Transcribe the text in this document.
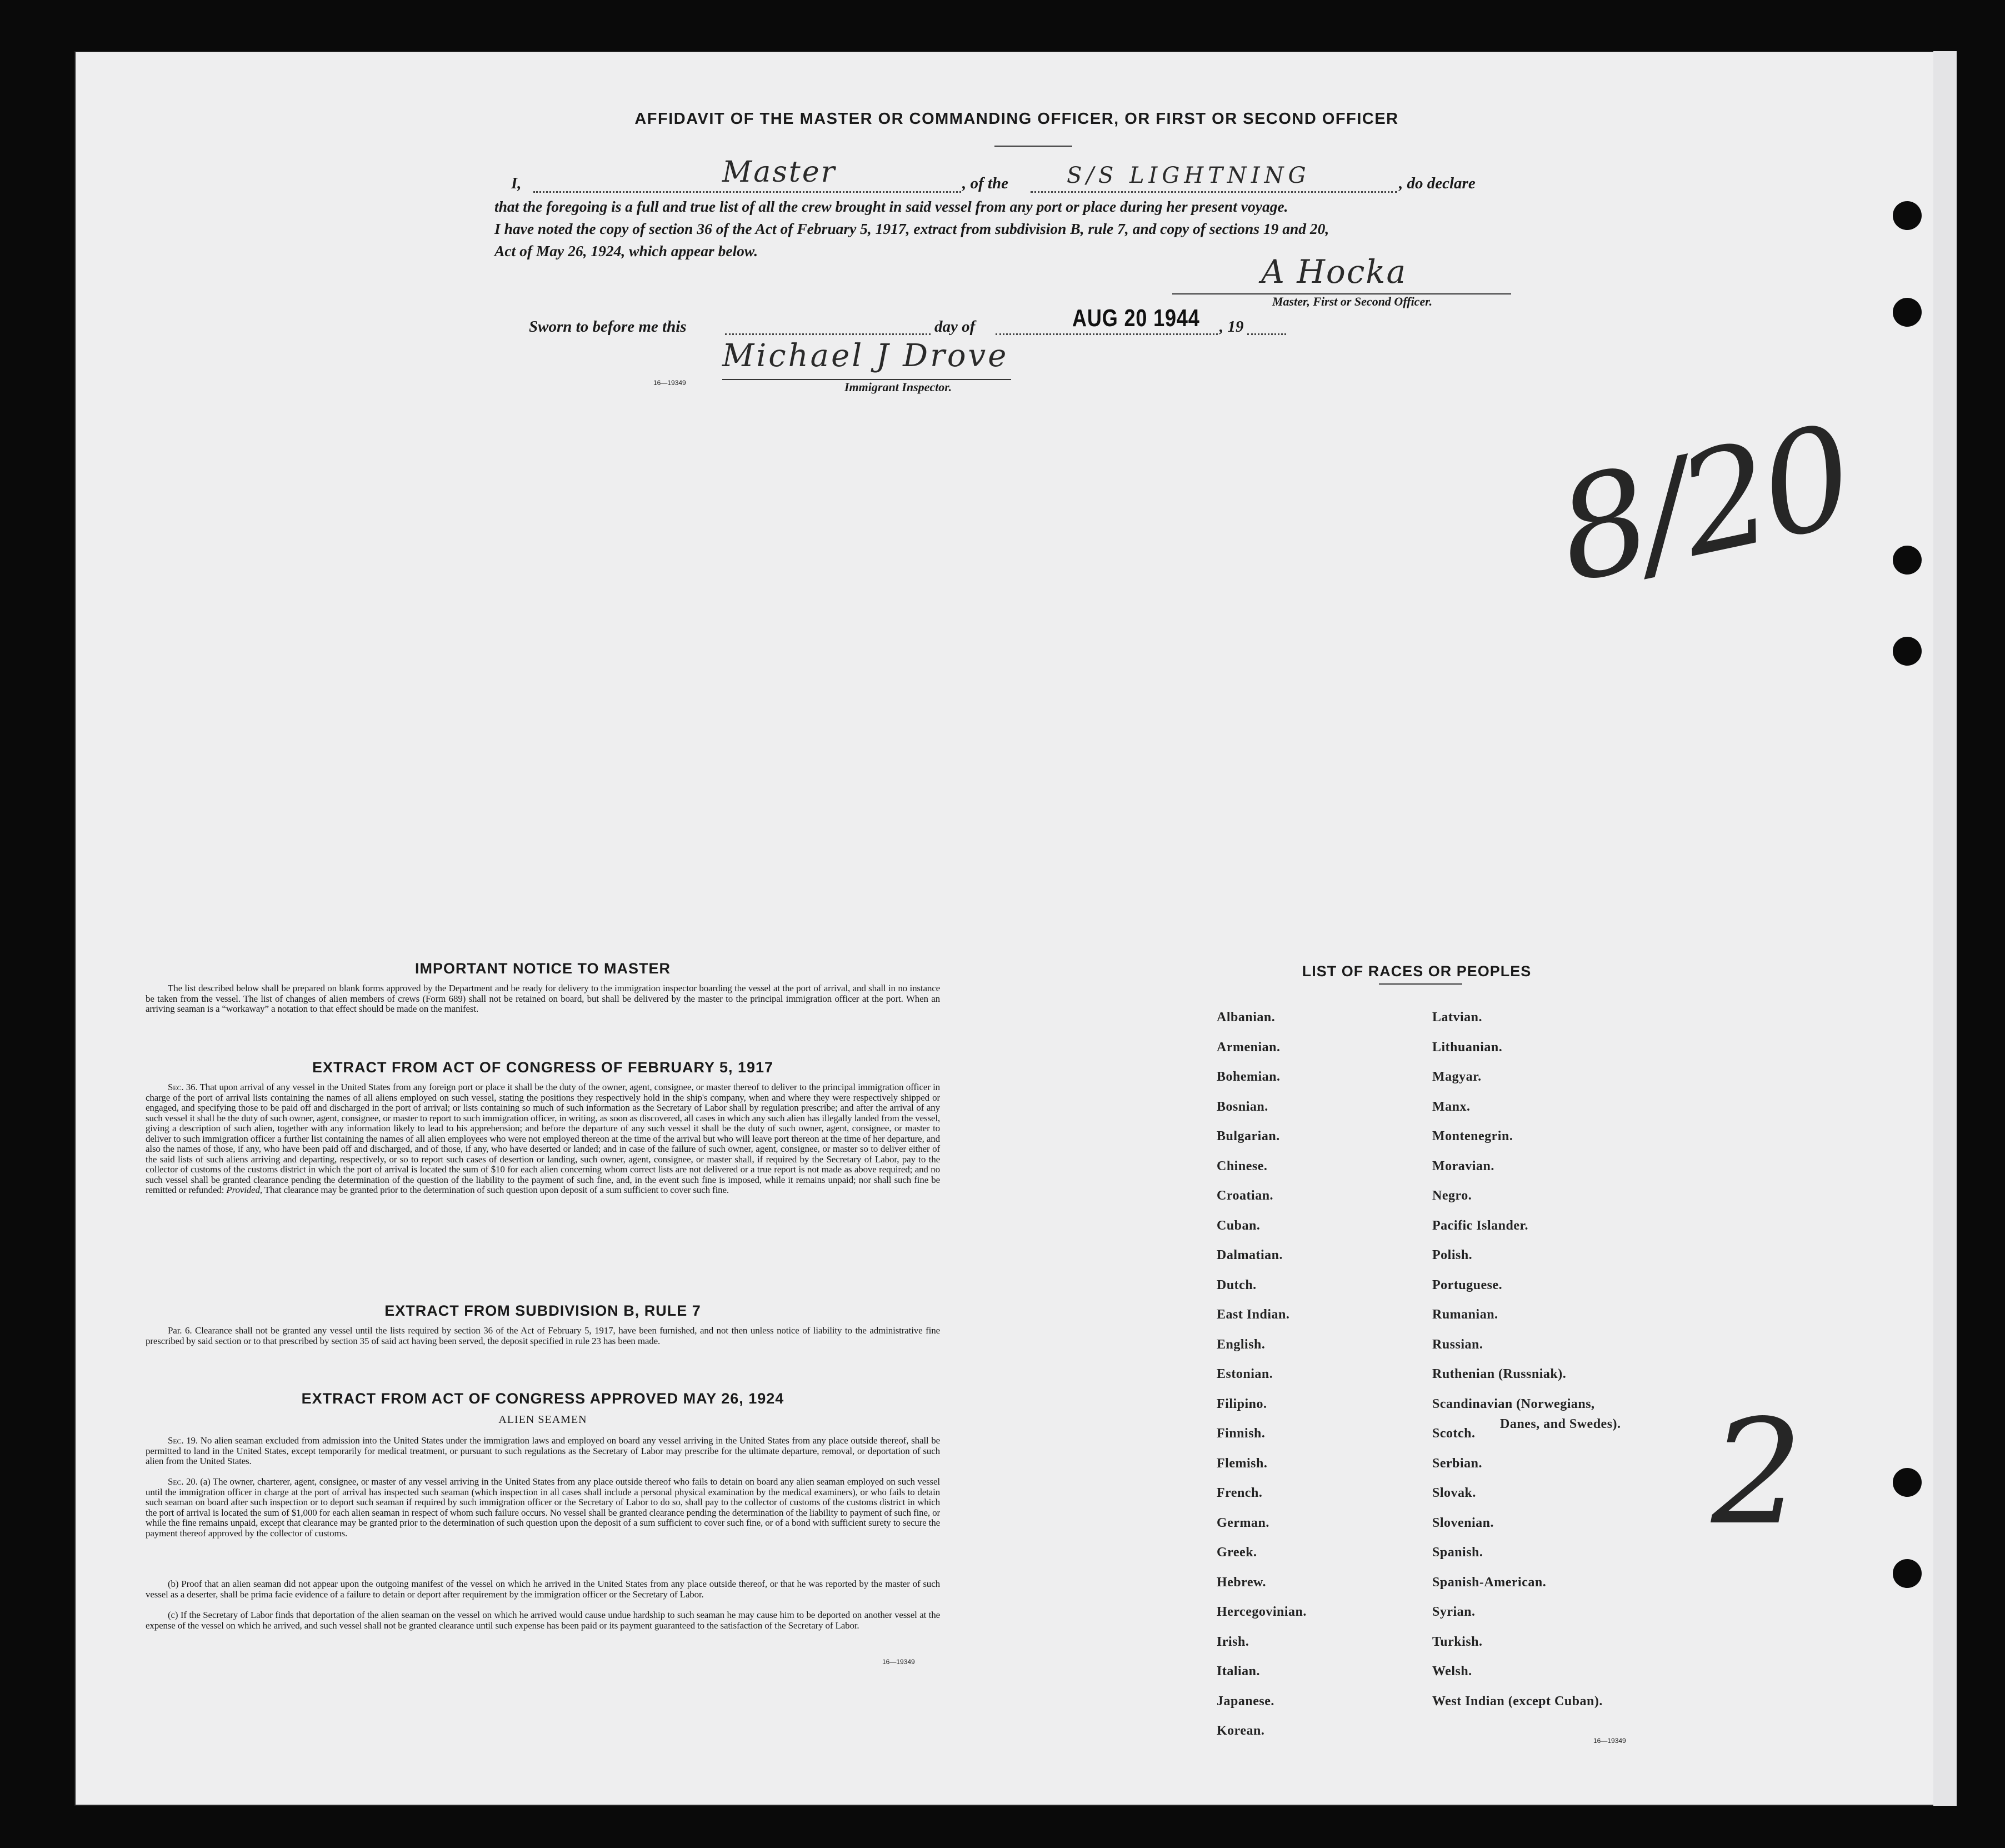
AFFIDAVIT OF THE MASTER OR COMMANDING OFFICER, OR FIRST OR SECOND OFFICER
I,	Master	, of the	S/S LIGHTNING	, do declare
that the foregoing is a full and true list of all the crew brought in said vessel from any port or place during her present voyage.
I have noted the copy of section 36 of the Act of February 5, 1917, extract from subdivision B, rule 7, and copy of sections 19 and 20,
Act of May 26, 1924, which appear below.
A Hocka
Master, First or Second Officer.
Sworn to before me this	day of	AUG 20 1944 , 19
Michael J Drove
Immigrant Inspector.
16—19349
8/20
2
IMPORTANT NOTICE TO MASTER
The list described below shall be prepared on blank forms approved by the Department and be ready for delivery to the immigration inspector boarding the vessel at the port of arrival, and shall in no instance be taken from the vessel. The list of changes of alien members of crews (Form 689) shall not be retained on board, but shall be delivered by the master to the principal immigration officer at the port. When an arriving seaman is a “workaway” a notation to that effect should be made on the manifest.
EXTRACT FROM ACT OF CONGRESS OF FEBRUARY 5, 1917
Sec. 36. That upon arrival of any vessel in the United States from any foreign port or place it shall be the duty of the owner, agent, consignee, or master thereof to deliver to the principal immigration officer in charge of the port of arrival lists containing the names of all aliens employed on such vessel, stating the positions they respectively hold in the ship's company, when and where they were respectively shipped or engaged, and specifying those to be paid off and discharged in the port of arrival; or lists containing so much of such information as the Secretary of Labor shall by regulation prescribe; and after the arrival of any such vessel it shall be the duty of such owner, agent, consignee, or master to report to such immigration officer, in writing, as soon as discovered, all cases in which any such alien has illegally landed from the vessel, giving a description of such alien, together with any information likely to lead to his apprehension; and before the departure of any such vessel it shall be the duty of such owner, agent, consignee, or master to deliver to such immigration officer a further list containing the names of all alien employees who were not employed thereon at the time of the arrival but who will leave port thereon at the time of her departure, and also the names of those, if any, who have been paid off and discharged, and of those, if any, who have deserted or landed; and in case of the failure of such owner, agent, consignee, or master so to deliver either of the said lists of such aliens arriving and departing, respectively, or so to report such cases of desertion or landing, such owner, agent, consignee, or master shall, if required by the Secretary of Labor, pay to the collector of customs of the customs district in which the port of arrival is located the sum of $10 for each alien concerning whom correct lists are not delivered or a true report is not made as above required; and no such vessel shall be granted clearance pending the determination of the question of the liability to the payment of such fine, and, in the event such fine is imposed, while it remains unpaid; nor shall such fine be remitted or refunded: Provided, That clearance may be granted prior to the determination of such question upon deposit of a sum sufficient to cover such fine.
EXTRACT FROM SUBDIVISION B, RULE 7
Par. 6. Clearance shall not be granted any vessel until the lists required by section 36 of the Act of February 5, 1917, have been furnished, and not then unless notice of liability to the administrative fine prescribed by said section or to that prescribed by section 35 of said act having been served, the deposit specified in rule 23 has been made.
EXTRACT FROM ACT OF CONGRESS APPROVED MAY 26, 1924
ALIEN SEAMEN
Sec. 19. No alien seaman excluded from admission into the United States under the immigration laws and employed on board any vessel arriving in the United States from any place outside thereof, shall be permitted to land in the United States, except temporarily for medical treatment, or pursuant to such regulations as the Secretary of Labor may prescribe for the ultimate departure, removal, or deportation of such alien from the United States.
Sec. 20. (a) The owner, charterer, agent, consignee, or master of any vessel arriving in the United States from any place outside thereof who fails to detain on board any alien seaman employed on such vessel until the immigration officer in charge at the port of arrival has inspected such seaman (which inspection in all cases shall include a personal physical examination by the medical examiners), or who fails to detain such seaman on board after such inspection or to deport such seaman if required by such immigration officer or the Secretary of Labor to do so, shall pay to the collector of customs of the customs district in which the port of arrival is located the sum of $1,000 for each alien seaman in respect of whom such failure occurs. No vessel shall be granted clearance pending the determination of the liability to payment of such fine, or while the fine remains unpaid, except that clearance may be granted prior to the determination of such question upon the deposit of a sum sufficient to cover such fine, or of a bond with sufficient surety to secure the payment thereof approved by the collector of customs.
(b) Proof that an alien seaman did not appear upon the outgoing manifest of the vessel on which he arrived in the United States from any place outside thereof, or that he was reported by the master of such vessel as a deserter, shall be prima facie evidence of a failure to detain or deport after requirement by the immigration officer or the Secretary of Labor.
(c) If the Secretary of Labor finds that deportation of the alien seaman on the vessel on which he arrived would cause undue hardship to such seaman he may cause him to be deported on another vessel at the expense of the vessel on which he arrived, and such vessel shall not be granted clearance until such expense has been paid or its payment guaranteed to the satisfaction of the Secretary of Labor.
16—19349
LIST OF RACES OR PEOPLES
Albanian.
Armenian.
Bohemian.
Bosnian.
Bulgarian.
Chinese.
Croatian.
Cuban.
Dalmatian.
Dutch.
East Indian.
English.
Estonian.
Filipino.
Finnish.
Flemish.
French.
German.
Greek.
Hebrew.
Hercegovinian.
Irish.
Italian.
Japanese.
Korean.
Latvian.
Lithuanian.
Magyar.
Manx.
Montenegrin.
Moravian.
Negro.
Pacific Islander.
Polish.
Portuguese.
Rumanian.
Russian.
Ruthenian (Russniak).
Scandinavian (Norwegians,
Scotch.
Serbian.
Slovak.
Slovenian.
Spanish.
Spanish-American.
Syrian.
Turkish.
Welsh.
West Indian (except Cuban).
Danes, and Swedes).
16—19349
